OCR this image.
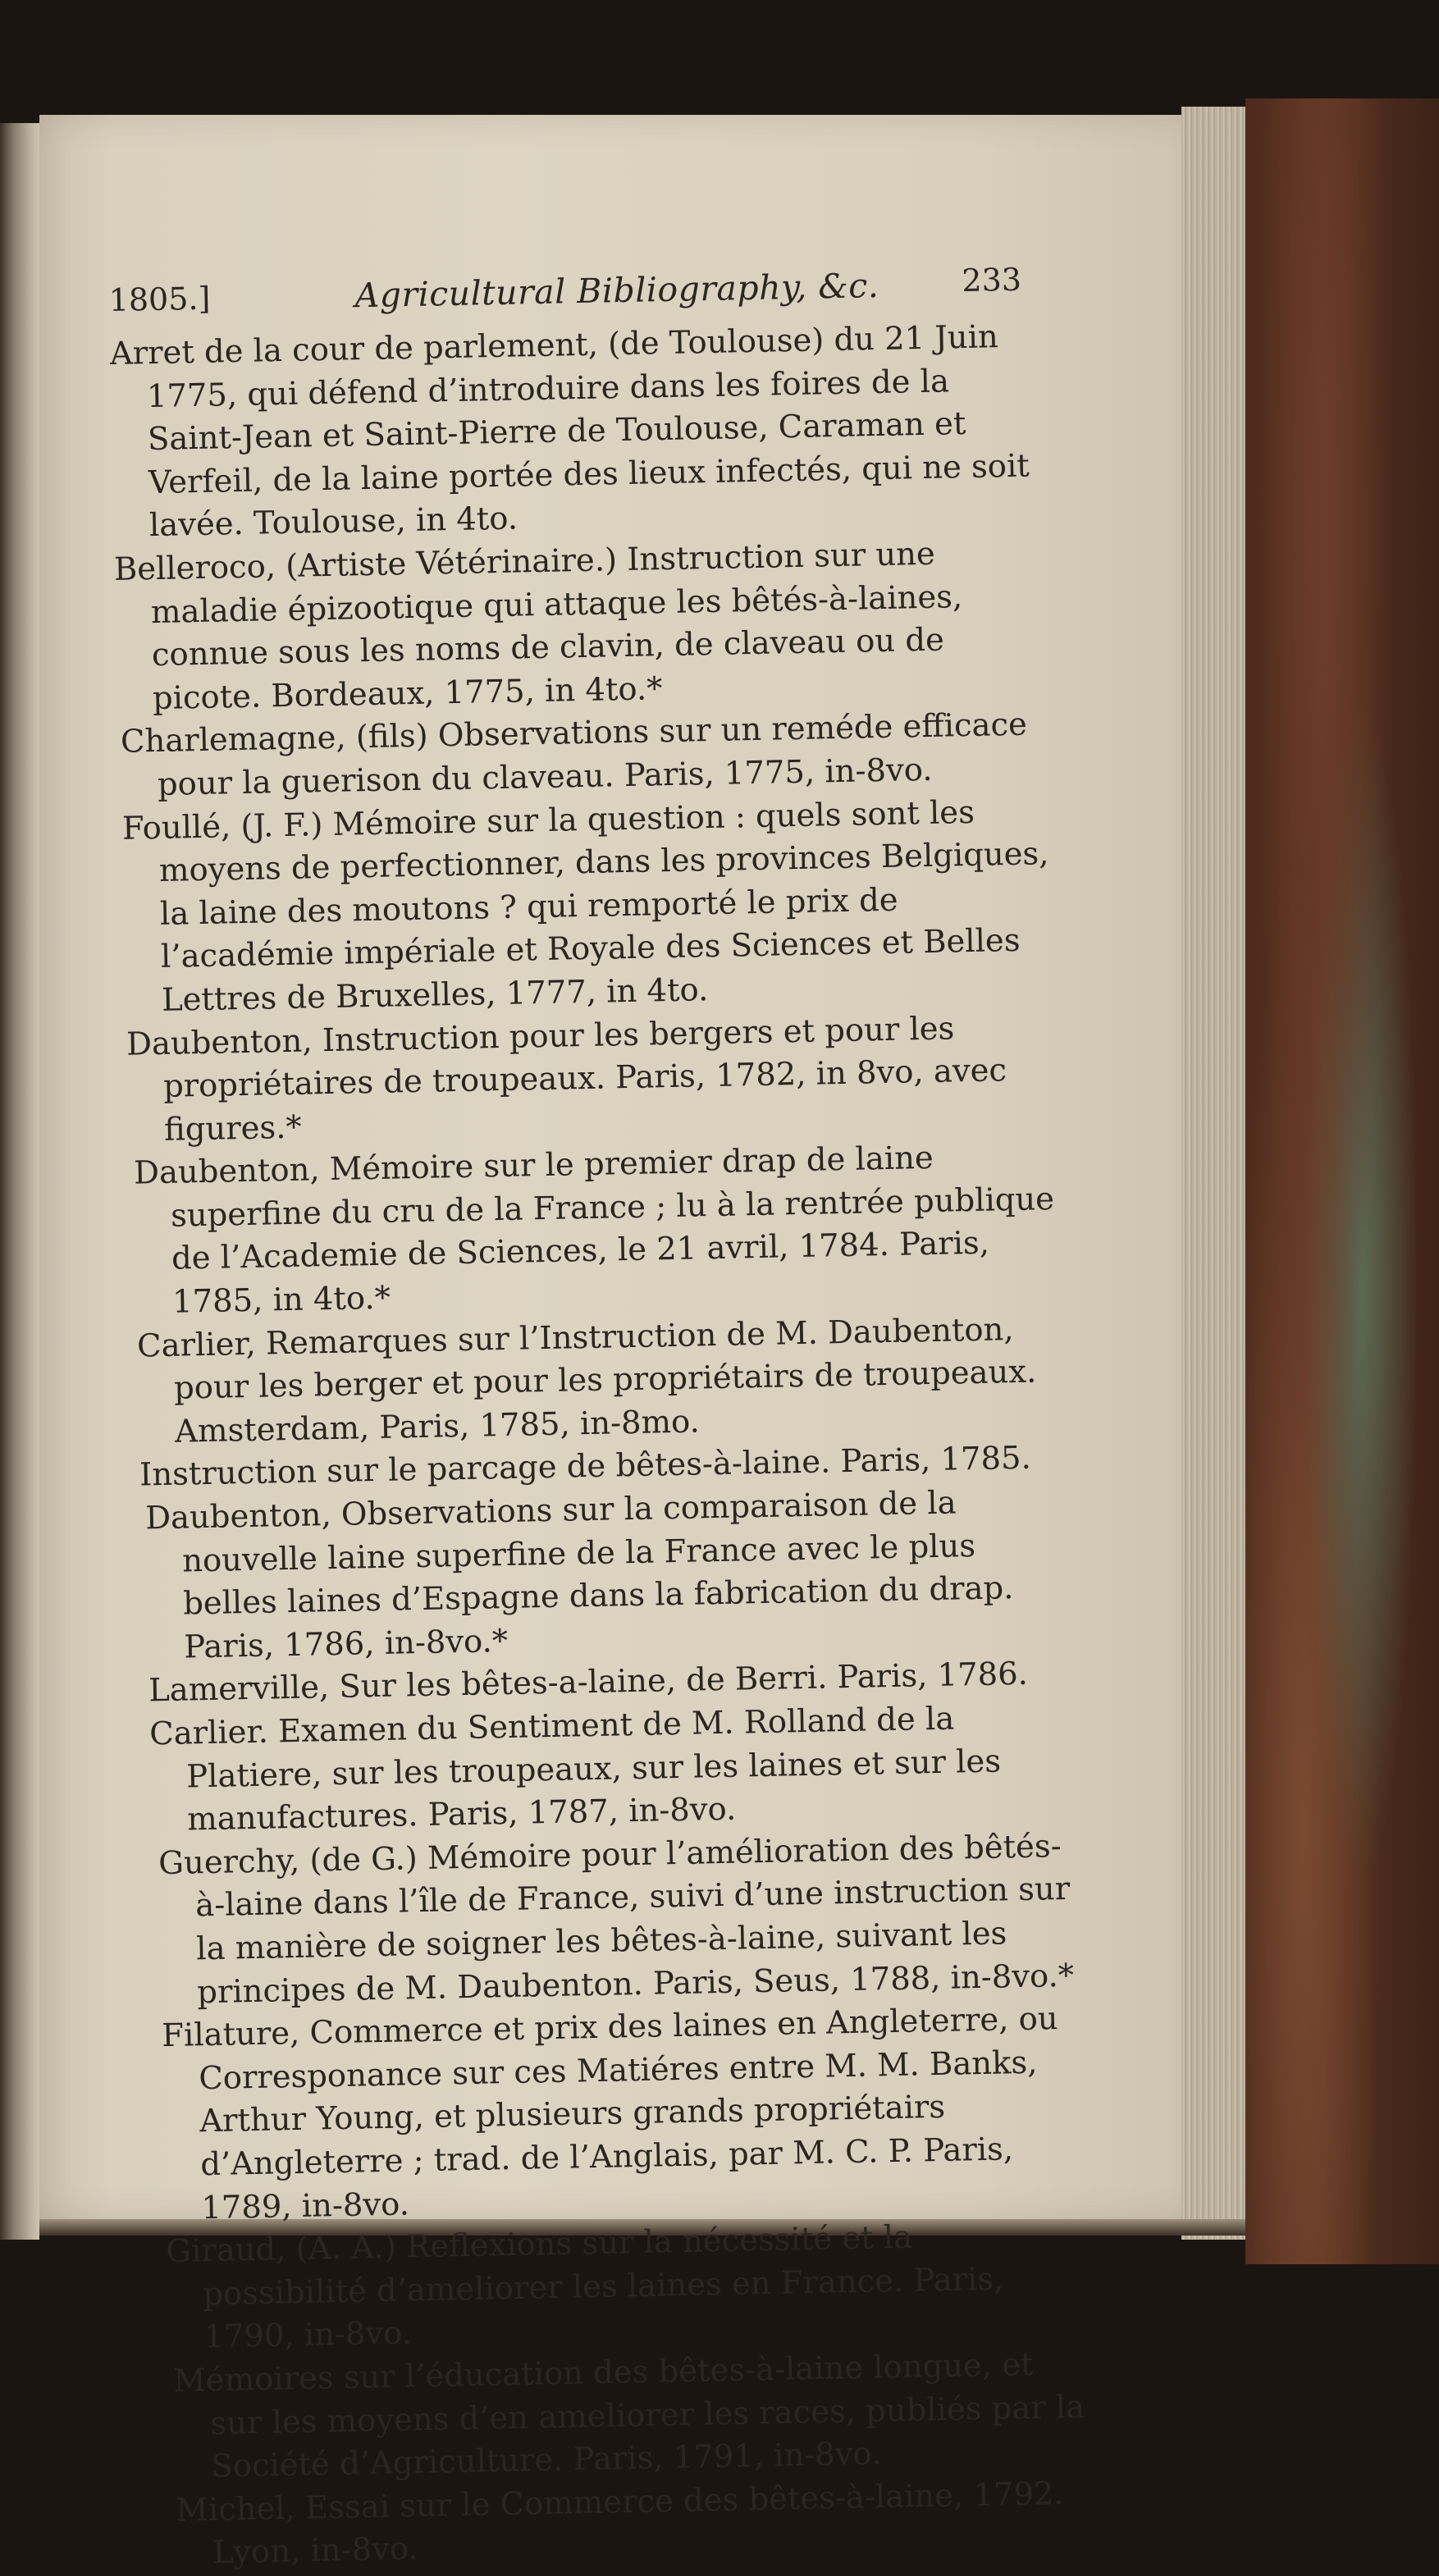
1805.]	Agricultural Bibliography, &c.	233
Arret de la cour de parlement, (de Toulouse) du 21 Juin 1775, qui défend d’introduire dans les foires de la Saint-Jean et Saint-Pierre de Toulouse, Caraman et Verfeil, de la laine portée des lieux infectés, qui ne soit lavée. Toulouse, in 4to.
Belleroco, (Artiste Vétérinaire.) Instruction sur une maladie épizootique qui attaque les bêtés-à-laines, connue sous les noms de clavin, de claveau ou de picote. Bordeaux, 1775, in 4to.*
Charlemagne, (fils) Observations sur un reméde efficace pour la guerison du claveau. Paris, 1775, in-8vo.
Foullé, (J. F.) Mémoire sur la question : quels sont les moyens de perfectionner, dans les provinces Belgiques, la laine des moutons ? qui remporté le prix de l’académie impériale et Royale des Sciences et Belles Lettres de Bruxelles, 1777, in 4to.
Daubenton, Instruction pour les bergers et pour les propriétaires de troupeaux. Paris, 1782, in 8vo, avec figures.*
Daubenton, Mémoire sur le premier drap de laine superfine du cru de la France ; lu à la rentrée publique de l’Academie de Sciences, le 21 avril, 1784. Paris, 1785, in 4to.*
Carlier, Remarques sur l’Instruction de M. Daubenton, pour les berger et pour les propriétairs de troupeaux. Amsterdam, Paris, 1785, in-8mo.
Instruction sur le parcage de bêtes-à-laine. Paris, 1785.
Daubenton, Observations sur la comparaison de la nouvelle laine superfine de la France avec le plus belles laines d’Espagne dans la fabrication du drap. Paris, 1786, in-8vo.*
Lamerville, Sur les bêtes-a-laine, de Berri. Paris, 1786.
Carlier. Examen du Sentiment de M. Rolland de la Platiere, sur les troupeaux, sur les laines et sur les manufactures. Paris, 1787, in-8vo.
Guerchy, (de G.) Mémoire pour l’amélioration des bêtés-à-laine dans l’île de France, suivi d’une instruction sur la manière de soigner les bêtes-à-laine, suivant les principes de M. Daubenton. Paris, Seus, 1788, in-8vo.*
Filature, Commerce et prix des laines en Angleterre, ou Corresponance sur ces Matiéres entre M. M. Banks, Arthur Young, et plusieurs grands propriétairs d’Angleterre ; trad. de l’Anglais, par M. C. P. Paris, 1789, in-8vo.
Giraud, (A. A.) Reflexions sur la nécessité et la possibilité d’ameliorer les laines en France. Paris, 1790, in-8vo.
Mémoires sur l’éducation des bêtes-à-laine longue, et sur les moyens d’en ameliorer les races, publiés par la Société d’Agriculture. Paris, 1791, in-8vo.
Michel, Essai sur le Commerce des bêtes-à-laine, 1792. Lyon, in-8vo.
